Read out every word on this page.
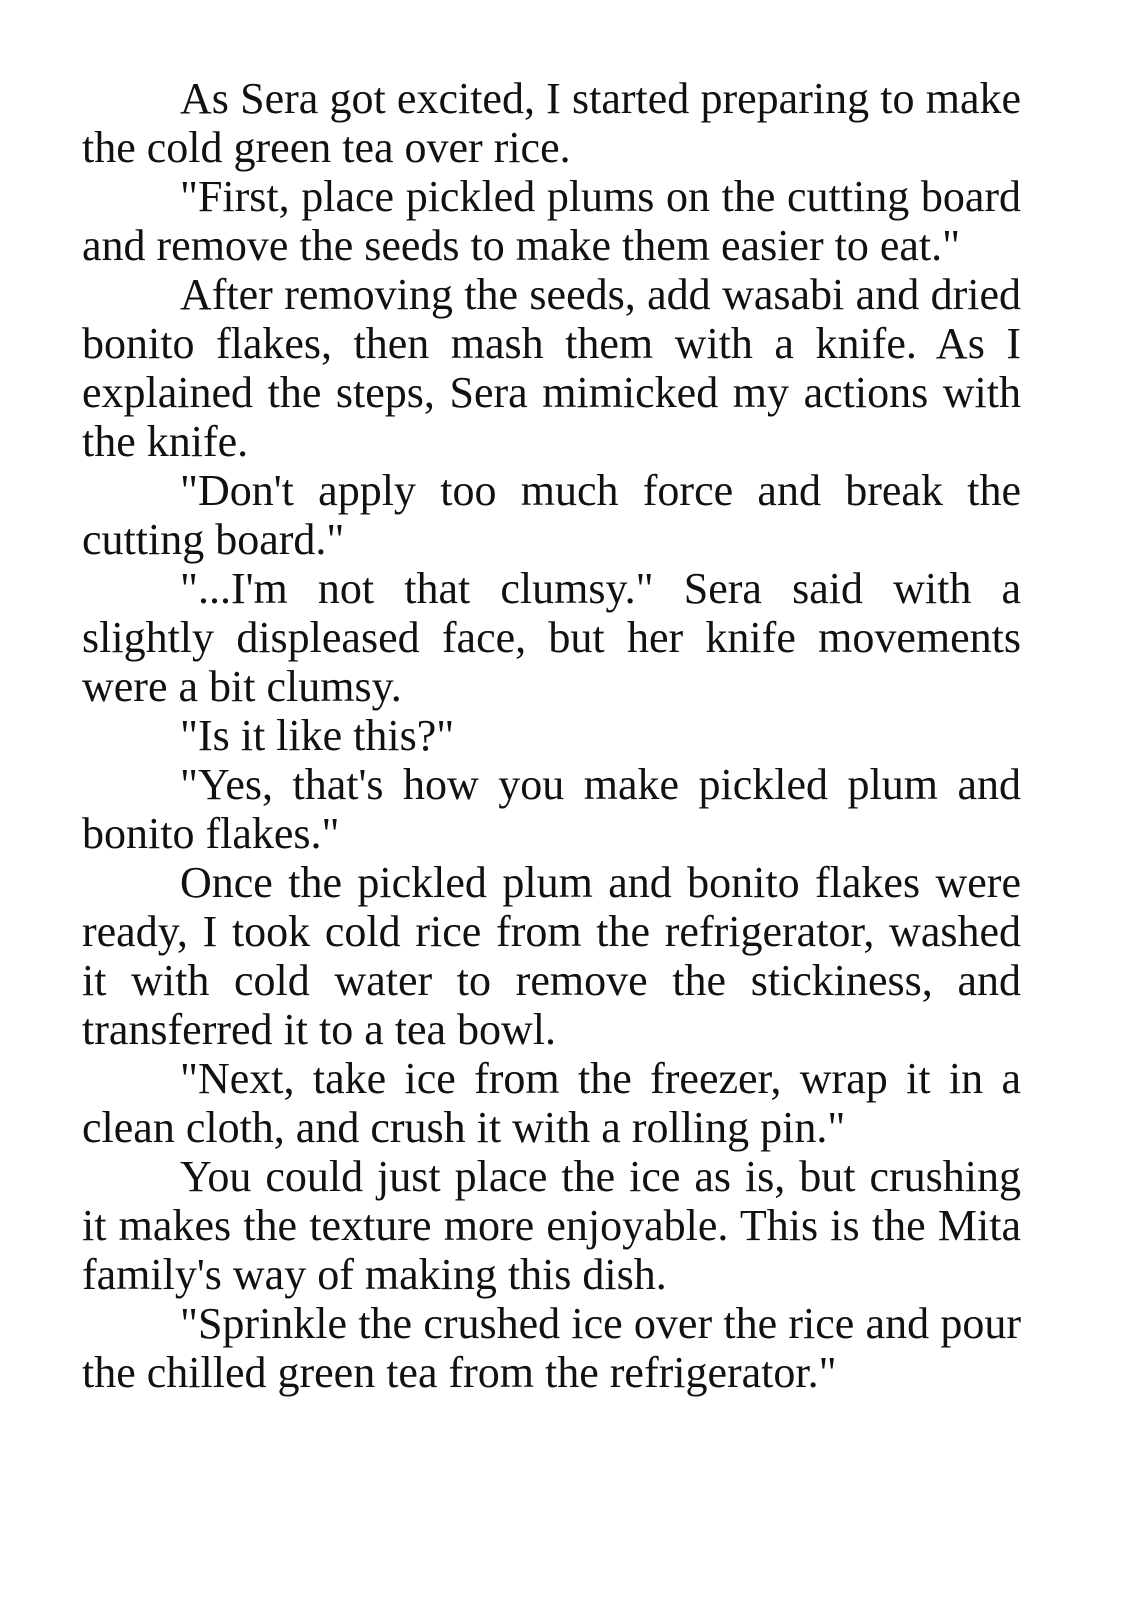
As Sera got excited, I started preparing to make the cold green tea over rice.

"First, place pickled plums on the cutting board and remove the seeds to make them easier to eat."

After removing the seeds, add wasabi and dried bonito flakes, then mash them with a knife. As I explained the steps, Sera mimicked my actions with the knife.

"Don't apply too much force and break the cutting board."

"...I'm not that clumsy." Sera said with a slightly displeased face, but her knife movements were a bit clumsy.

"Is it like this?"

"Yes, that's how you make pickled plum and bonito flakes."

Once the pickled plum and bonito flakes were ready, I took cold rice from the refrigerator, washed it with cold water to remove the stickiness, and transferred it to a tea bowl.

"Next, take ice from the freezer, wrap it in a clean cloth, and crush it with a rolling pin."

You could just place the ice as is, but crushing it makes the texture more enjoyable. This is the Mita family's way of making this dish.

"Sprinkle the crushed ice over the rice and pour the chilled green tea from the refrigerator."
